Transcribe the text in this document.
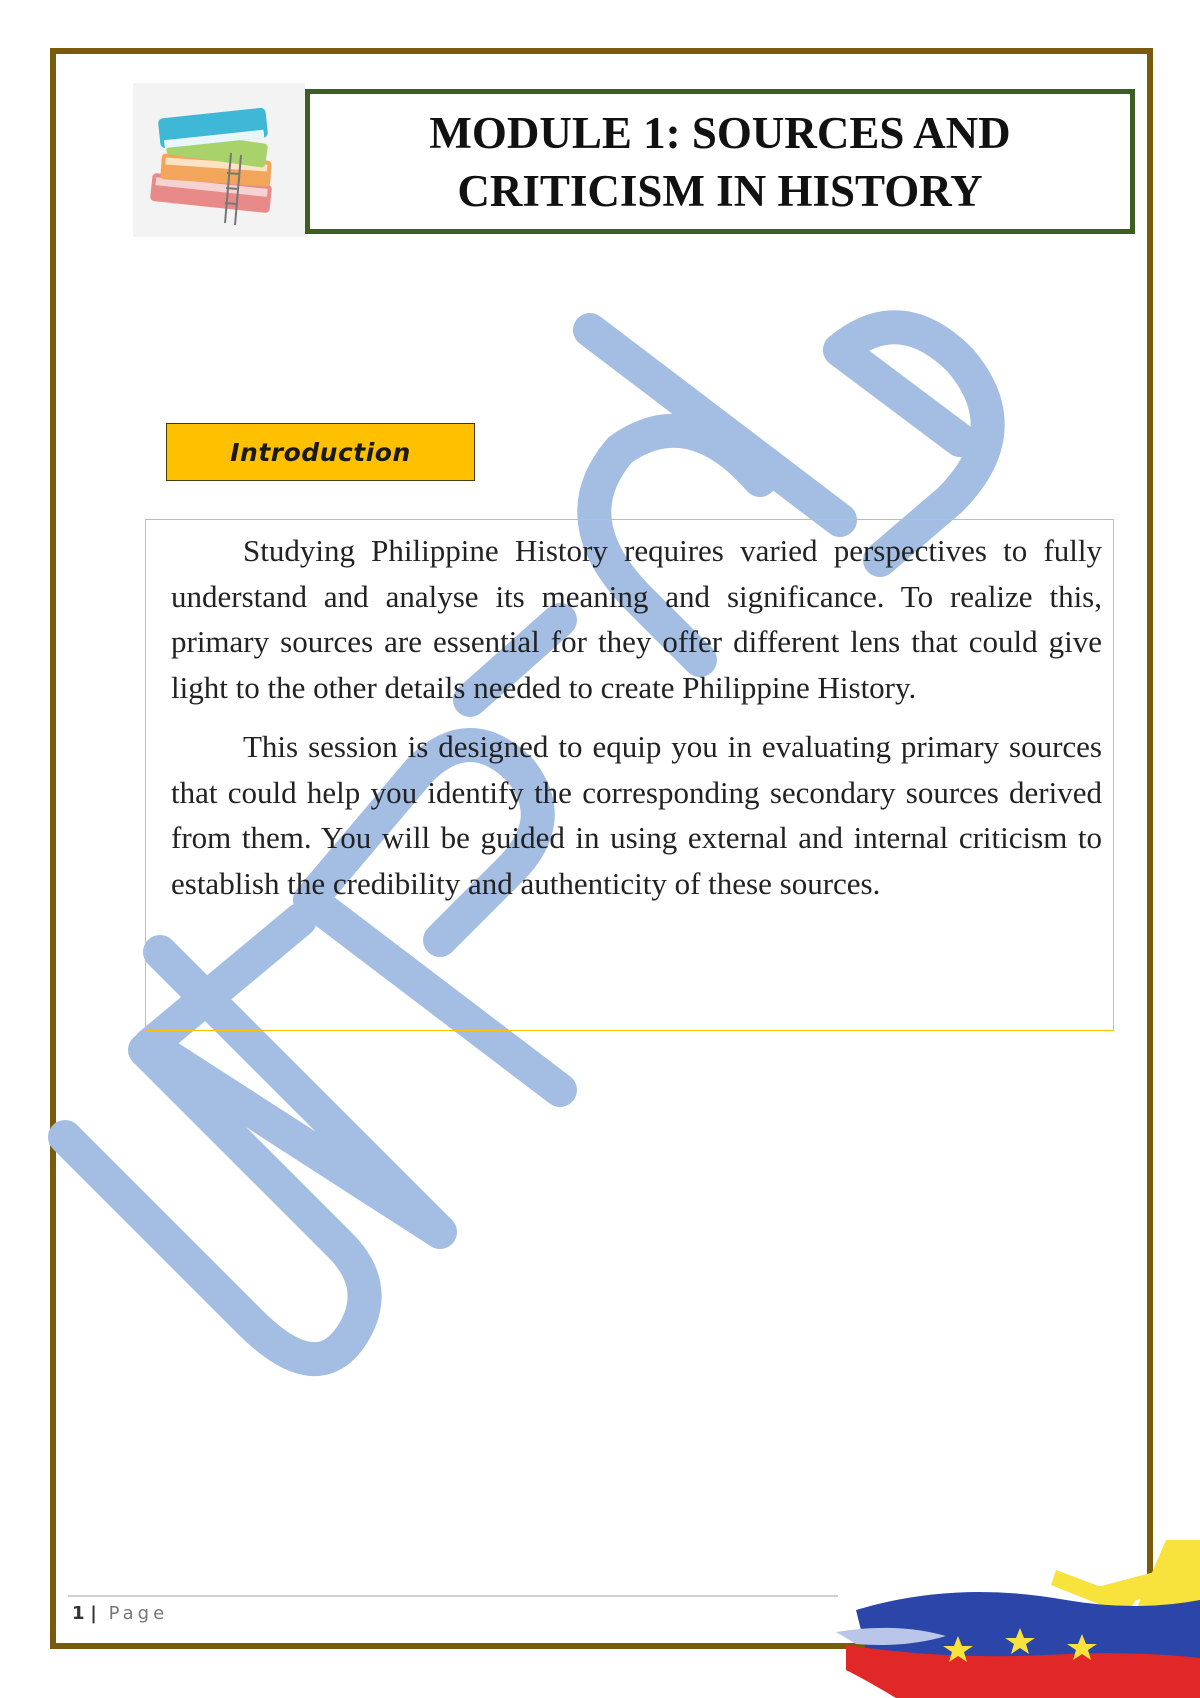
MODULE 1: SOURCES AND
CRITICISM IN HISTORY
Introduction

Studying Philippine History requires varied perspectives to fully understand and analyse its meaning and significance. To realize this, primary sources are essential for they offer different lens that could give light to the other details needed to create Philippine History.

This session is designed to equip you in evaluating primary sources that could help you identify the corresponding secondary sources derived from them. You will be guided in using external and internal criticism to establish the credibility and authenticity of these sources.

1 | Page
